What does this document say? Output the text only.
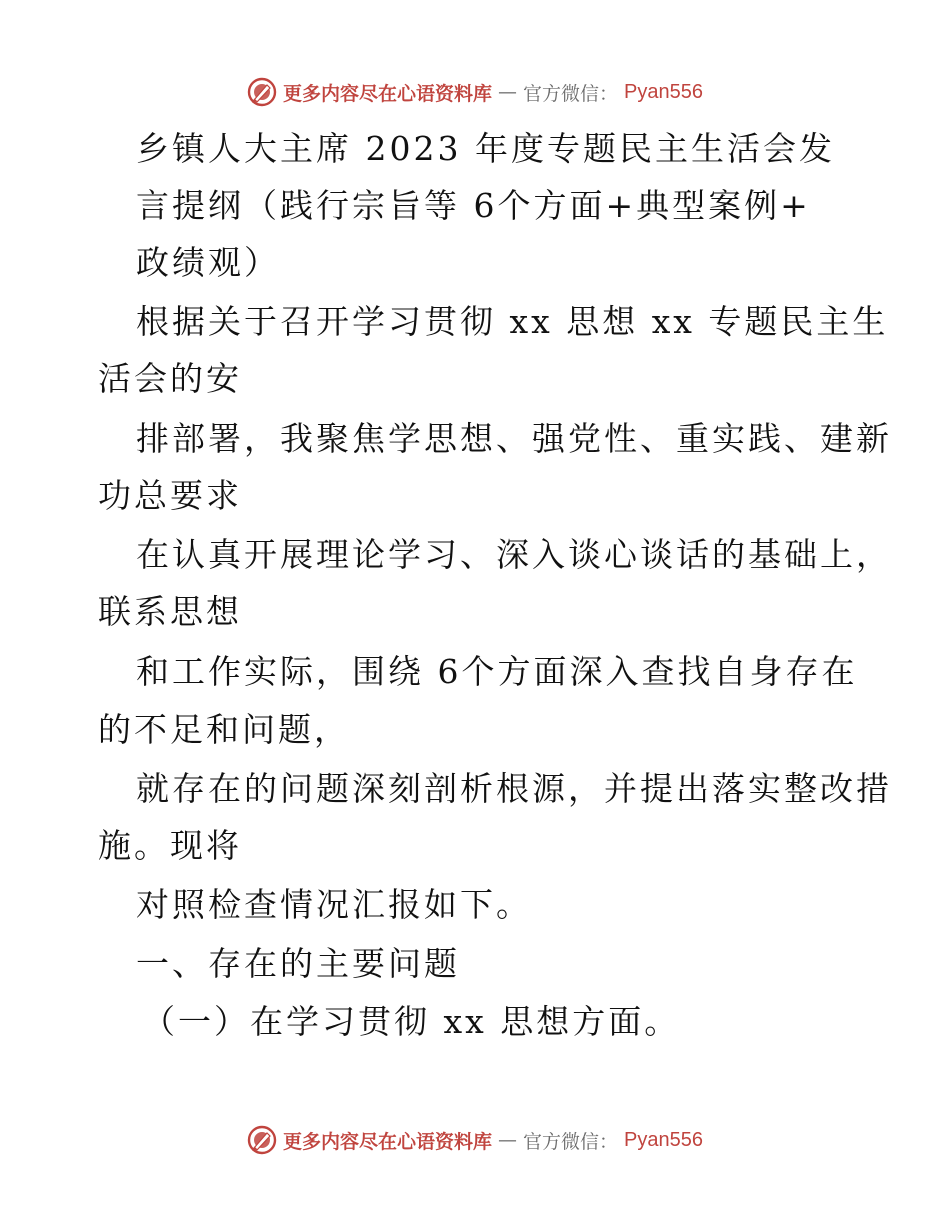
更多内容尽在心语资料库 — 官方微信： Pyan556
乡镇人大主席 2023 年度专题民主生活会发
言提纲（践行宗旨等 6个方面+典型案例+
政绩观）
根据关于召开学习贯彻 xx 思想 xx 专题民主生
活会的安
排部署，我聚焦学思想、强党性、重实践、建新
功总要求
在认真开展理论学习、深入谈心谈话的基础上，
联系思想
和工作实际，围绕 6个方面深入查找自身存在
的不足和问题，
就存在的问题深刻剖析根源，并提出落实整改措
施。现将
对照检查情况汇报如下。
一、存在的主要问题
（一）在学习贯彻 xx 思想方面。
更多内容尽在心语资料库 — 官方微信： Pyan556
